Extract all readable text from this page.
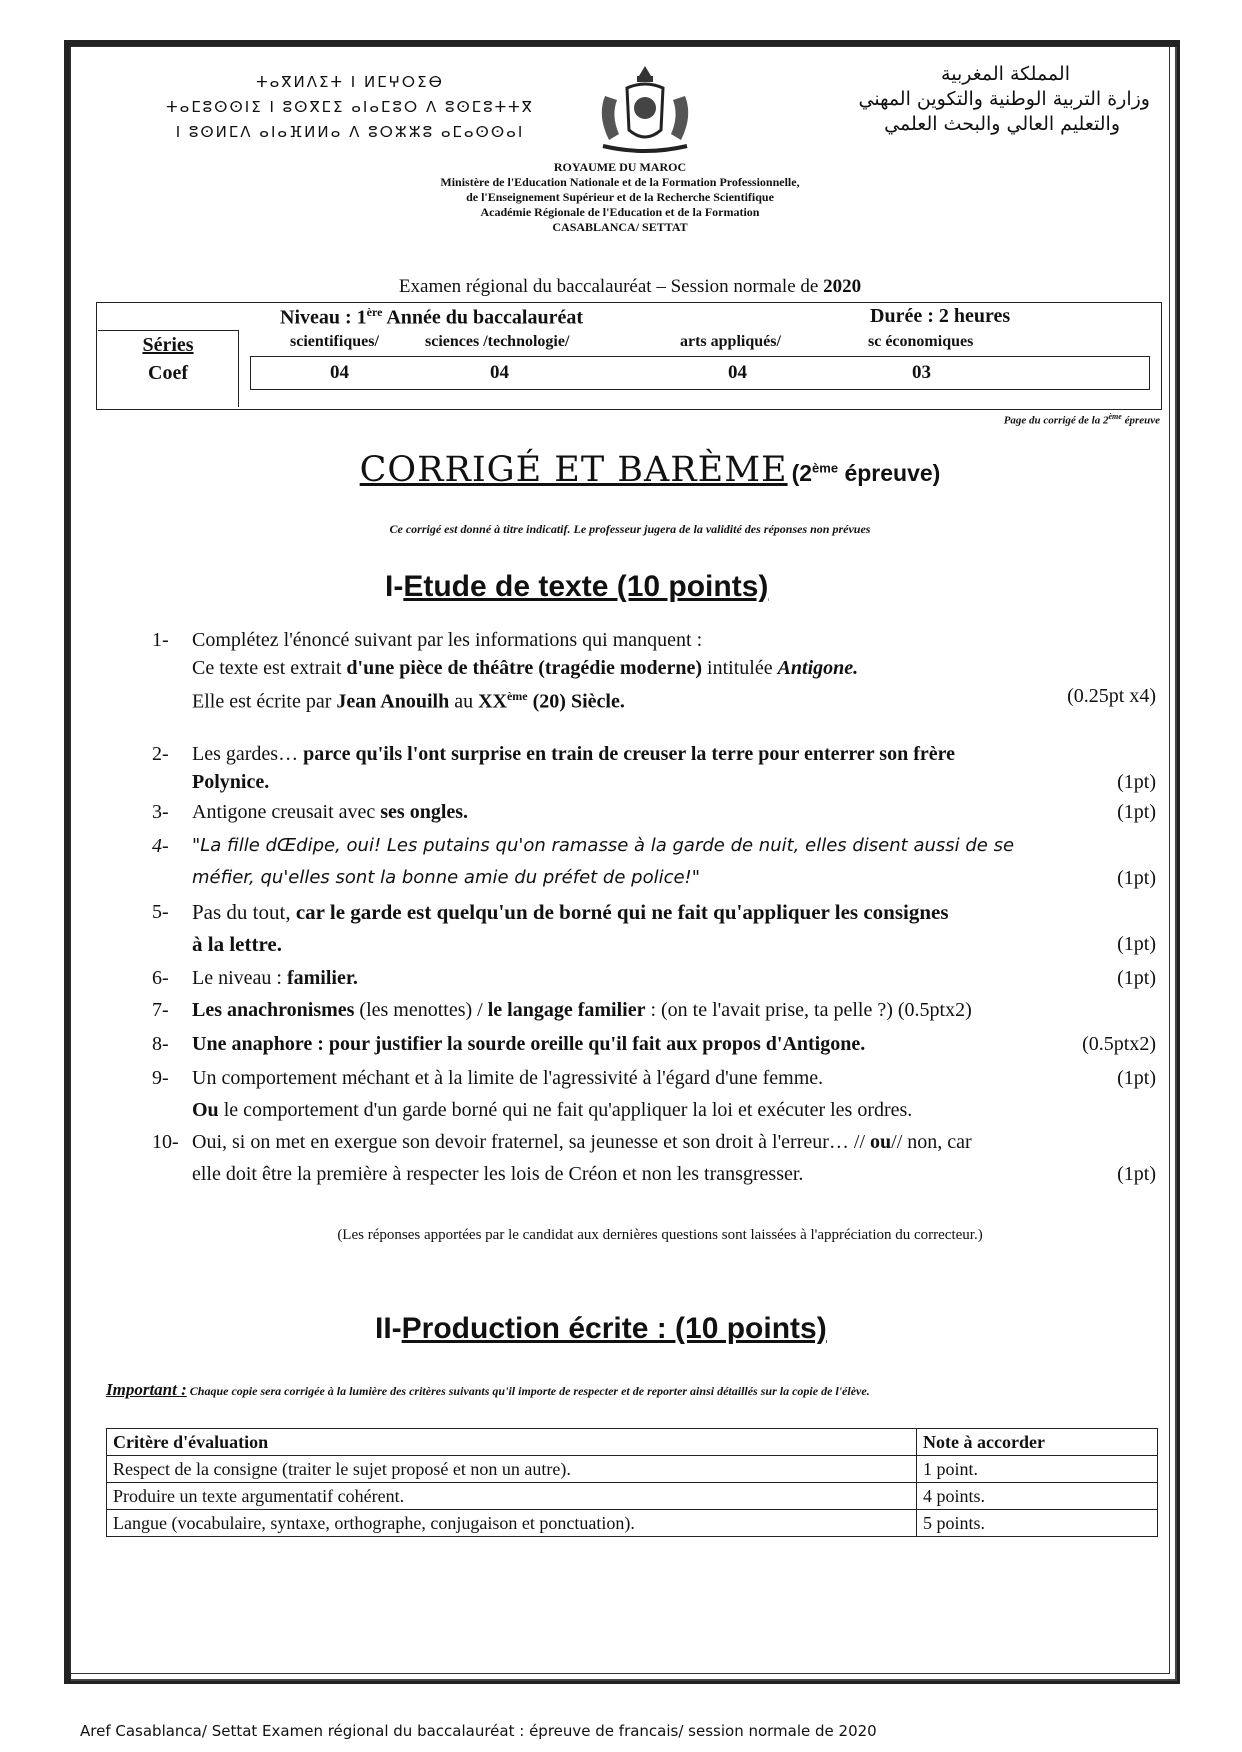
ⵜⴰⴳⵍⴷⵉⵜ ⵏ ⵍⵎⵖⵔⵉⴱ
ⵜⴰⵎⵓⵙⵙⵏⵉ ⵏ ⵓⵙⴳⵎⵉ ⴰⵏⴰⵎⵓⵔ ⴷ ⵓⵙⵎⵓⵜⵜⴳ
ⵏ ⵓⵙⵍⵎⴷ ⴰⵏⴰⴼⵍⵍⴰ ⴷ ⵓⵔⵣⵣⵓ ⴰⵎⴰⵙⵙⴰⵏ
المملكة المغربية
وزارة التربية الوطنية والتكوين المهني
والتعليم العالي والبحث العلمي
ROYAUME DU MAROC
Ministère de l'Education Nationale et de la Formation Professionnelle,
de l'Enseignement Supérieur et de la Recherche Scientifique
Académie Régionale de l'Education et de la Formation
CASABLANCA/ SETTAT
Examen régional du baccalauréat – Session normale de 2020
Niveau : 1ère Année du baccalauréat	Durée : 2 heures
Séries
Coef
scientifiques/	sciences /technologie/	arts appliqués/	sc économiques
04	04	04	03
Page du corrigé de la 2ème épreuve
CORRIGÉ ET BARÈME (2ème épreuve)
Ce corrigé est donné à titre indicatif. Le professeur jugera de la validité des réponses non prévues
I-Etude de texte (10 points)
1- Complétez l'énoncé suivant par les informations qui manquent :
Ce texte est extrait d'une pièce de théâtre (tragédie moderne) intitulée Antigone.
Elle est écrite par Jean Anouilh au XXème (20) Siècle.	(0.25pt x4)
2- Les gardes… parce qu'ils l'ont surprise en train de creuser la terre pour enterrer son frère
Polynice.	(1pt)
3- Antigone creusait avec ses ongles.	(1pt)
4- "La fille dŒdipe, oui! Les putains qu'on ramasse à la garde de nuit, elles disent aussi de se
méfier, qu'elles sont la bonne amie du préfet de police!"	(1pt)
5- Pas du tout, car le garde est quelqu'un de borné qui ne fait qu'appliquer les consignes
à la lettre.	(1pt)
6- Le niveau : familier.	(1pt)
7- Les anachronismes (les menottes) / le langage familier : (on te l'avait prise, ta pelle ?) (0.5ptx2)
8- Une anaphore : pour justifier la sourde oreille qu'il fait aux propos d'Antigone.	(0.5ptx2)
9- Un comportement méchant et à la limite de l'agressivité à l'égard d'une femme.	(1pt)
Ou le comportement d'un garde borné qui ne fait qu'appliquer la loi et exécuter les ordres.
10- Oui, si on met en exergue son devoir fraternel, sa jeunesse et son droit à l'erreur… // ou// non, car
elle doit être la première à respecter les lois de Créon et non les transgresser.	(1pt)
(Les réponses apportées par le candidat aux dernières questions sont laissées à l'appréciation du correcteur.)
II-Production écrite : (10 points)
Important : Chaque copie sera corrigée à la lumière des critères suivants qu'il importe de respecter et de reporter ainsi détaillés sur la copie de l'élève.
Critère d'évaluation	Note à accorder
Respect de la consigne (traiter le sujet proposé et non un autre).	1 point.
Produire un texte argumentatif cohérent.	4 points.
Langue (vocabulaire, syntaxe, orthographe, conjugaison et ponctuation).	5 points.
Aref Casablanca/ Settat Examen régional du baccalauréat : épreuve de francais/ session normale de 2020
